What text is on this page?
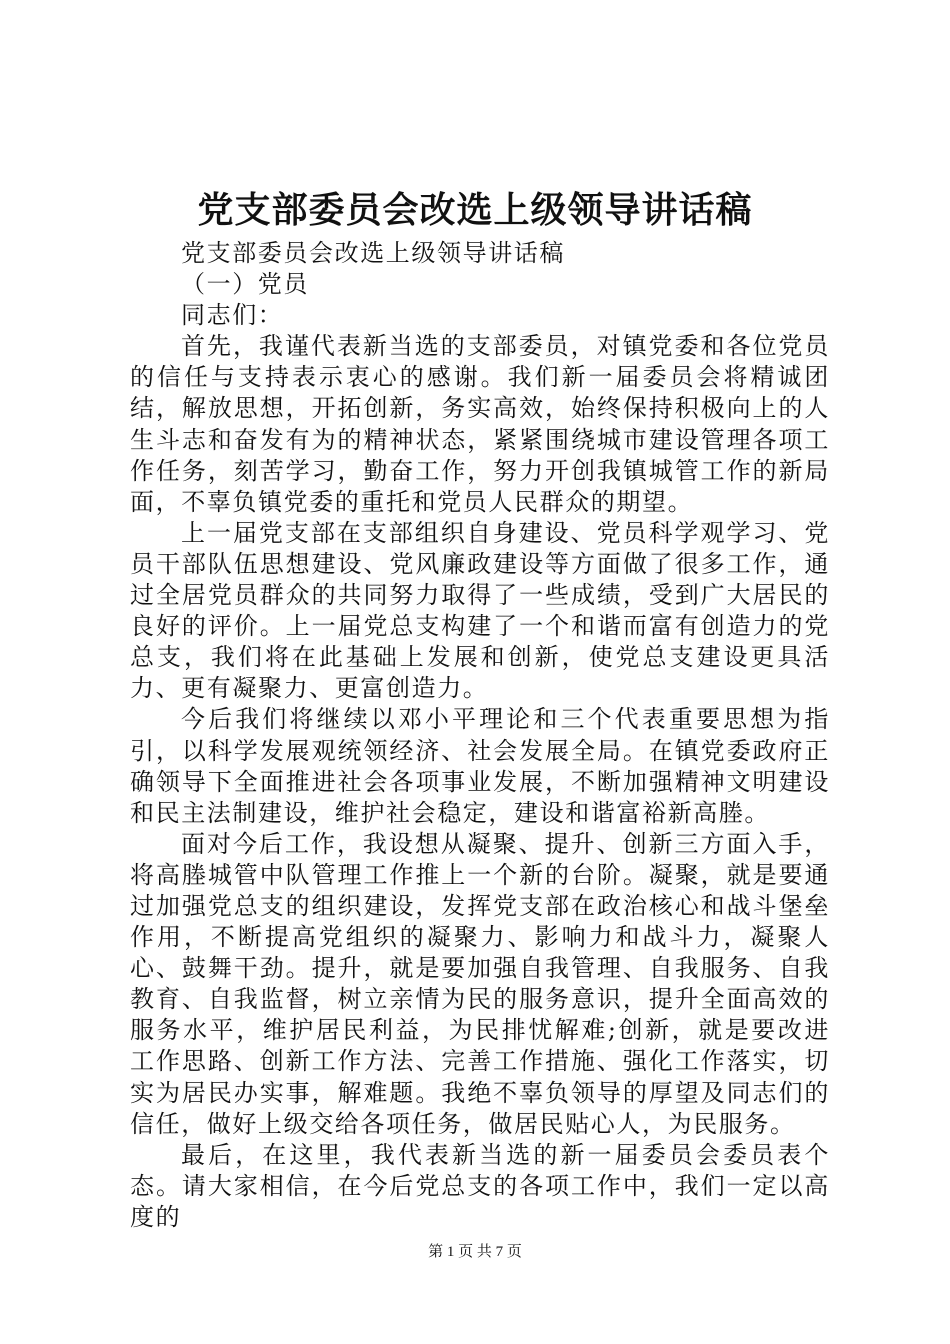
党支部委员会改选上级领导讲话稿

党支部委员会改选上级领导讲话稿

（一）党员

同志们：

首先，我谨代表新当选的支部委员，对镇党委和各位党员的信任与支持表示衷心的感谢。我们新一届委员会将精诚团结，解放思想，开拓创新，务实高效，始终保持积极向上的人生斗志和奋发有为的精神状态，紧紧围绕城市建设管理各项工作任务，刻苦学习，勤奋工作，努力开创我镇城管工作的新局面，不辜负镇党委的重托和党员人民群众的期望。

上一届党支部在支部组织自身建设、党员科学观学习、党员干部队伍思想建设、党风廉政建设等方面做了很多工作，通过全居党员群众的共同努力取得了一些成绩，受到广大居民的良好的评价。上一届党总支构建了一个和谐而富有创造力的党总支，我们将在此基础上发展和创新，使党总支建设更具活力、更有凝聚力、更富创造力。

今后我们将继续以邓小平理论和三个代表重要思想为指引，以科学发展观统领经济、社会发展全局。在镇党委政府正确领导下全面推进社会各项事业发展，不断加强精神文明建设和民主法制建设，维护社会稳定，建设和谐富裕新高塍。

面对今后工作，我设想从凝聚、提升、创新三方面入手，将高塍城管中队管理工作推上一个新的台阶。凝聚，就是要通过加强党总支的组织建设，发挥党支部在政治核心和战斗堡垒作用，不断提高党组织的凝聚力、影响力和战斗力，凝聚人心、鼓舞干劲。提升，就是要加强自我管理、自我服务、自我教育、自我监督，树立亲情为民的服务意识，提升全面高效的服务水平，维护居民利益，为民排忧解难;创新，就是要改进工作思路、创新工作方法、完善工作措施、强化工作落实，切实为居民办实事，解难题。我绝不辜负领导的厚望及同志们的信任，做好上级交给各项任务，做居民贴心人，为民服务。

最后，在这里，我代表新当选的新一届委员会委员表个态。请大家相信，在今后党总支的各项工作中，我们一定以高度的

第 1 页 共 7 页
